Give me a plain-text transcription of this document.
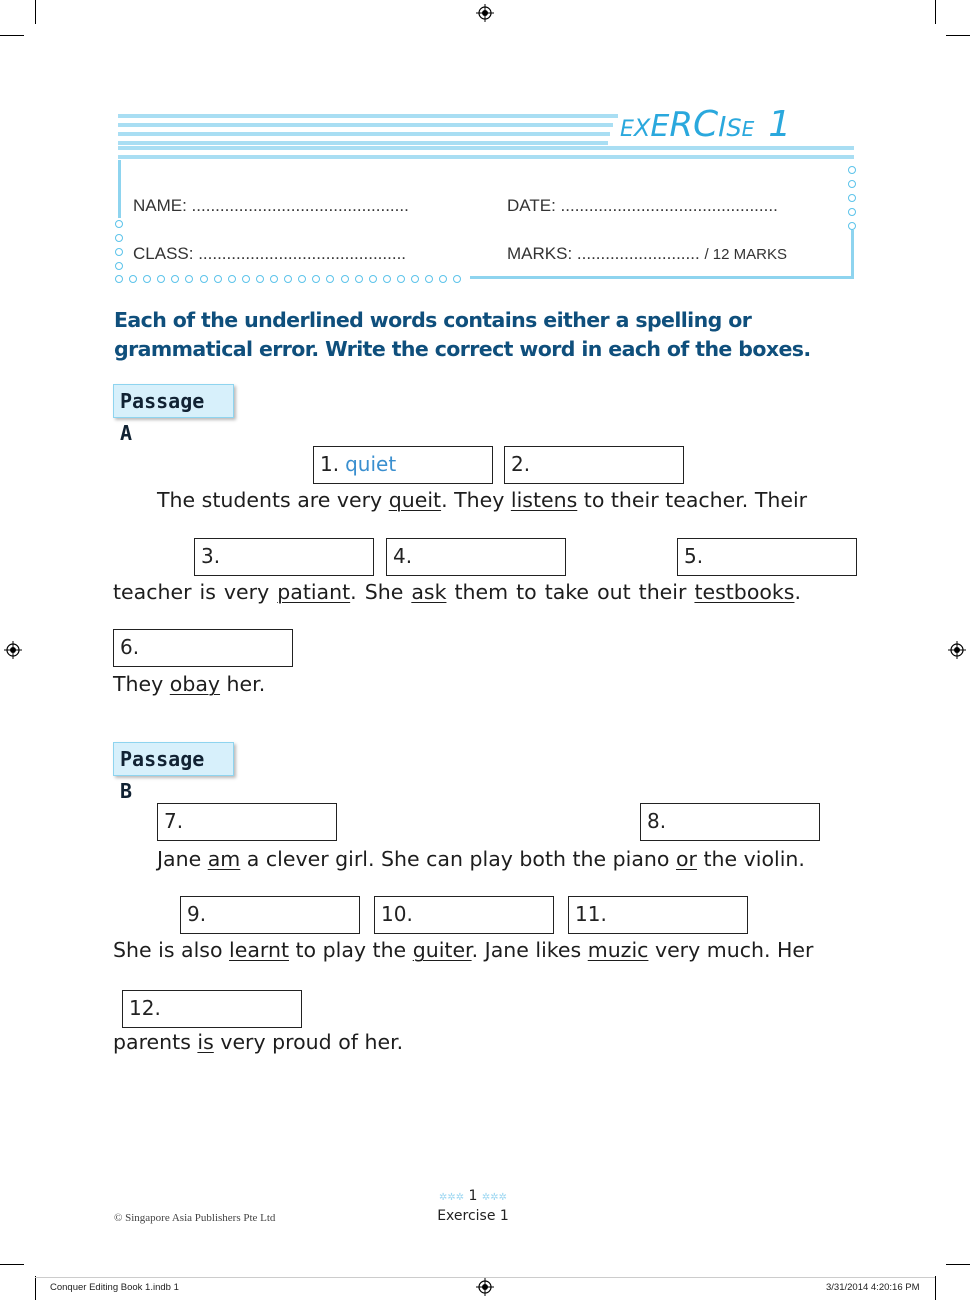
EXERCISE 1
NAME: ..............................................	DATE: ..............................................
CLASS: ............................................	MARKS: .......................... / 12 MARKS
Each of the underlined words contains either a spelling or grammatical error. Write the correct word in each of the boxes.
Passage A
1. quiet	2.
The students are very queit. They listens to their teacher. Their
3.	4.	5.
teacher is very patiant. She ask them to take out their testbooks.
6.
They obay her.
Passage B
7.	8.
Jane am a clever girl. She can play both the piano or the violin.
9.	10.	11.
She is also learnt to play the guiter. Jane likes muzic very much. Her
12.
parents is very proud of her.
✲✲✲ 1 ✲✲✲
Exercise 1
© Singapore Asia Publishers Pte Ltd
Conquer Editing Book 1.indb 1	3/31/2014 4:20:16 PM
